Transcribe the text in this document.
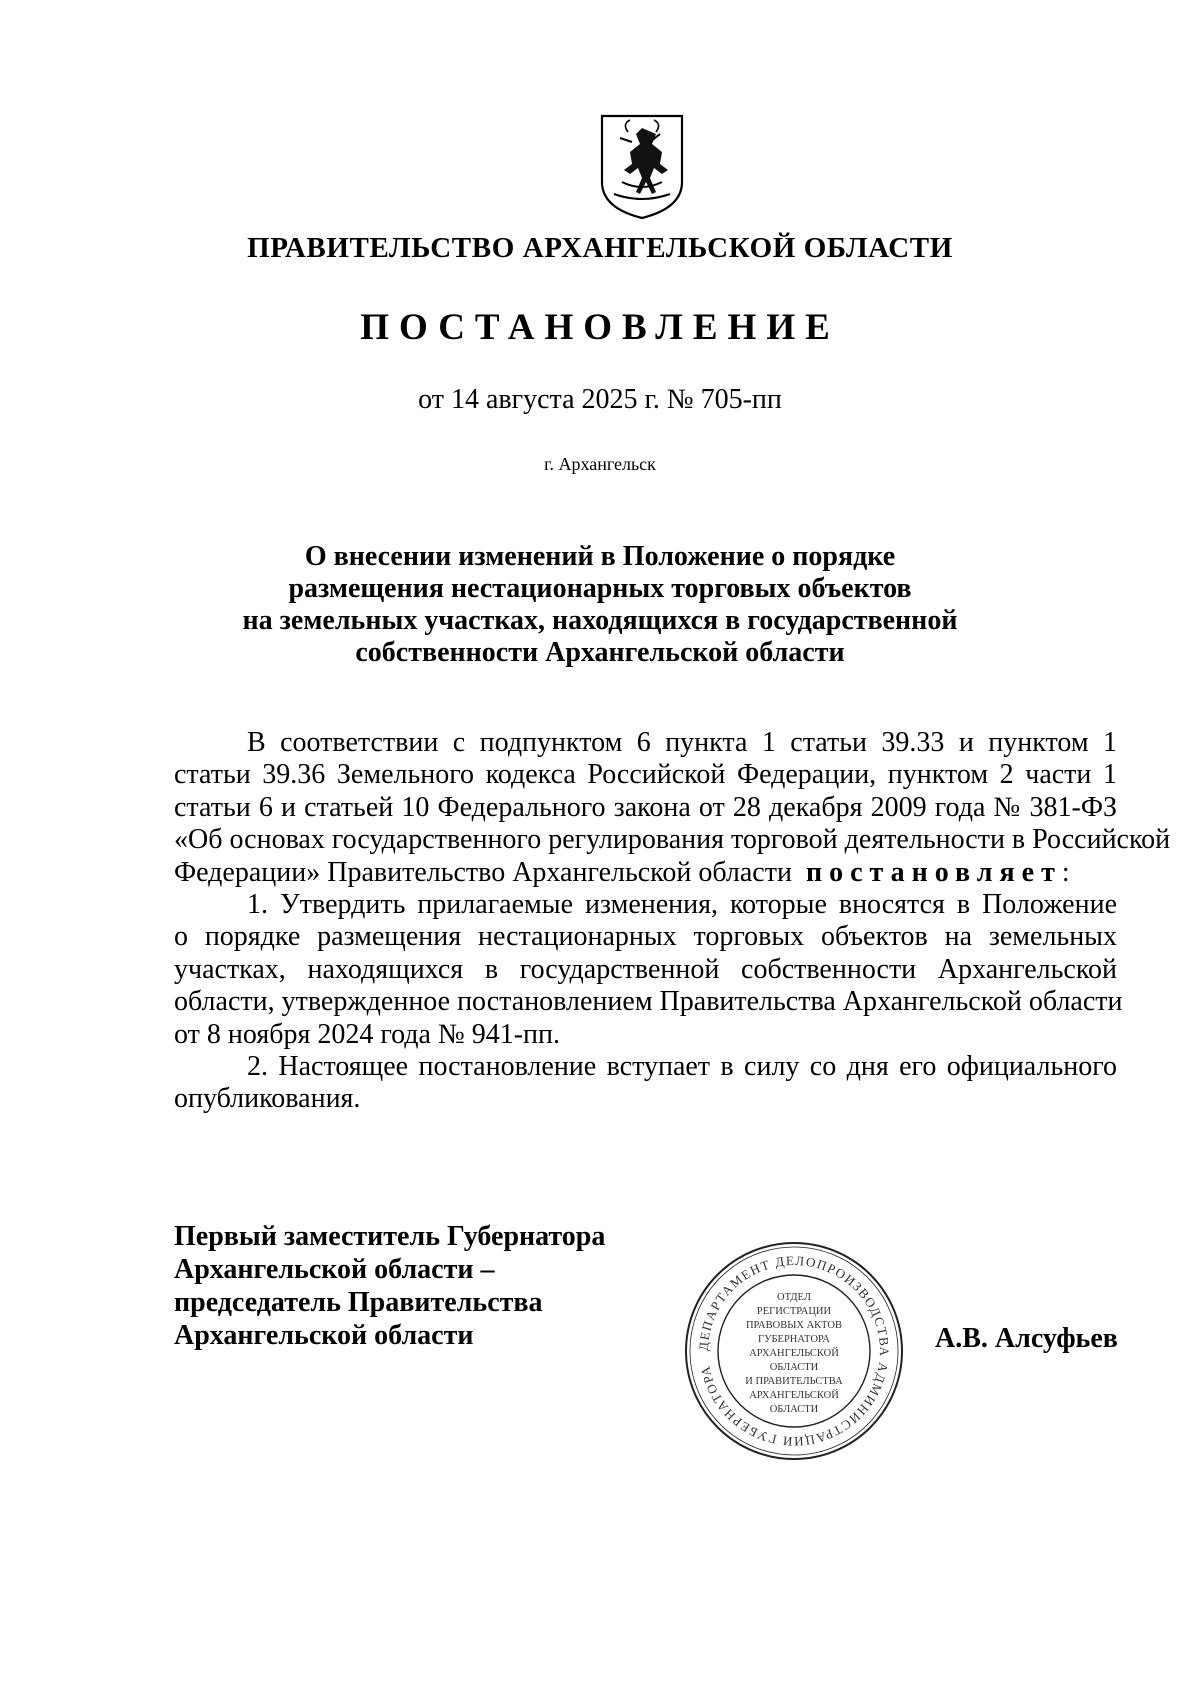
ПРАВИТЕЛЬСТВО АРХАНГЕЛЬСКОЙ ОБЛАСТИ
ПОСТАНОВЛЕНИЕ
от 14 августа 2025 г. № 705-пп
г. Архангельск
О внесении изменений в Положение о порядке
размещения нестационарных торговых объектов
на земельных участках, находящихся в государственной
собственности Архангельской области
В соответствии с подпунктом 6 пункта 1 статьи 39.33 и пунктом 1
статьи 39.36 Земельного кодекса Российской Федерации, пунктом 2 части 1
статьи 6 и статьей 10 Федерального закона от 28 декабря 2009 года № 381-ФЗ
«Об основах государственного регулирования торговой деятельности в Российской
Федерации» Правительство Архангельской области постановляет:
1. Утвердить прилагаемые изменения, которые вносятся в Положение
о порядке размещения нестационарных торговых объектов на земельных
участках, находящихся в государственной собственности Архангельской
области, утвержденное постановлением Правительства Архангельской области
от 8 ноября 2024 года № 941-пп.
2. Настоящее постановление вступает в силу со дня его официального
опубликования.
Первый заместитель Губернатора
Архангельской области –
председатель Правительства
Архангельской области	ДЕПАРТАМЕНТ ДЕЛОПРОИЗВОДСТВА АДМИНИСТРАЦИИ ГУБЕРНАТОРА
ОТДЕЛ
РЕГИСТРАЦИИ
ПРАВОВЫХ АКТОВ
ГУБЕРНАТОРА
АРХАНГЕЛЬСКОЙ
ОБЛАСТИ
И ПРАВИТЕЛЬСТВА
АРХАНГЕЛЬСКОЙ
ОБЛАСТИ
А.В. Алсуфьев
